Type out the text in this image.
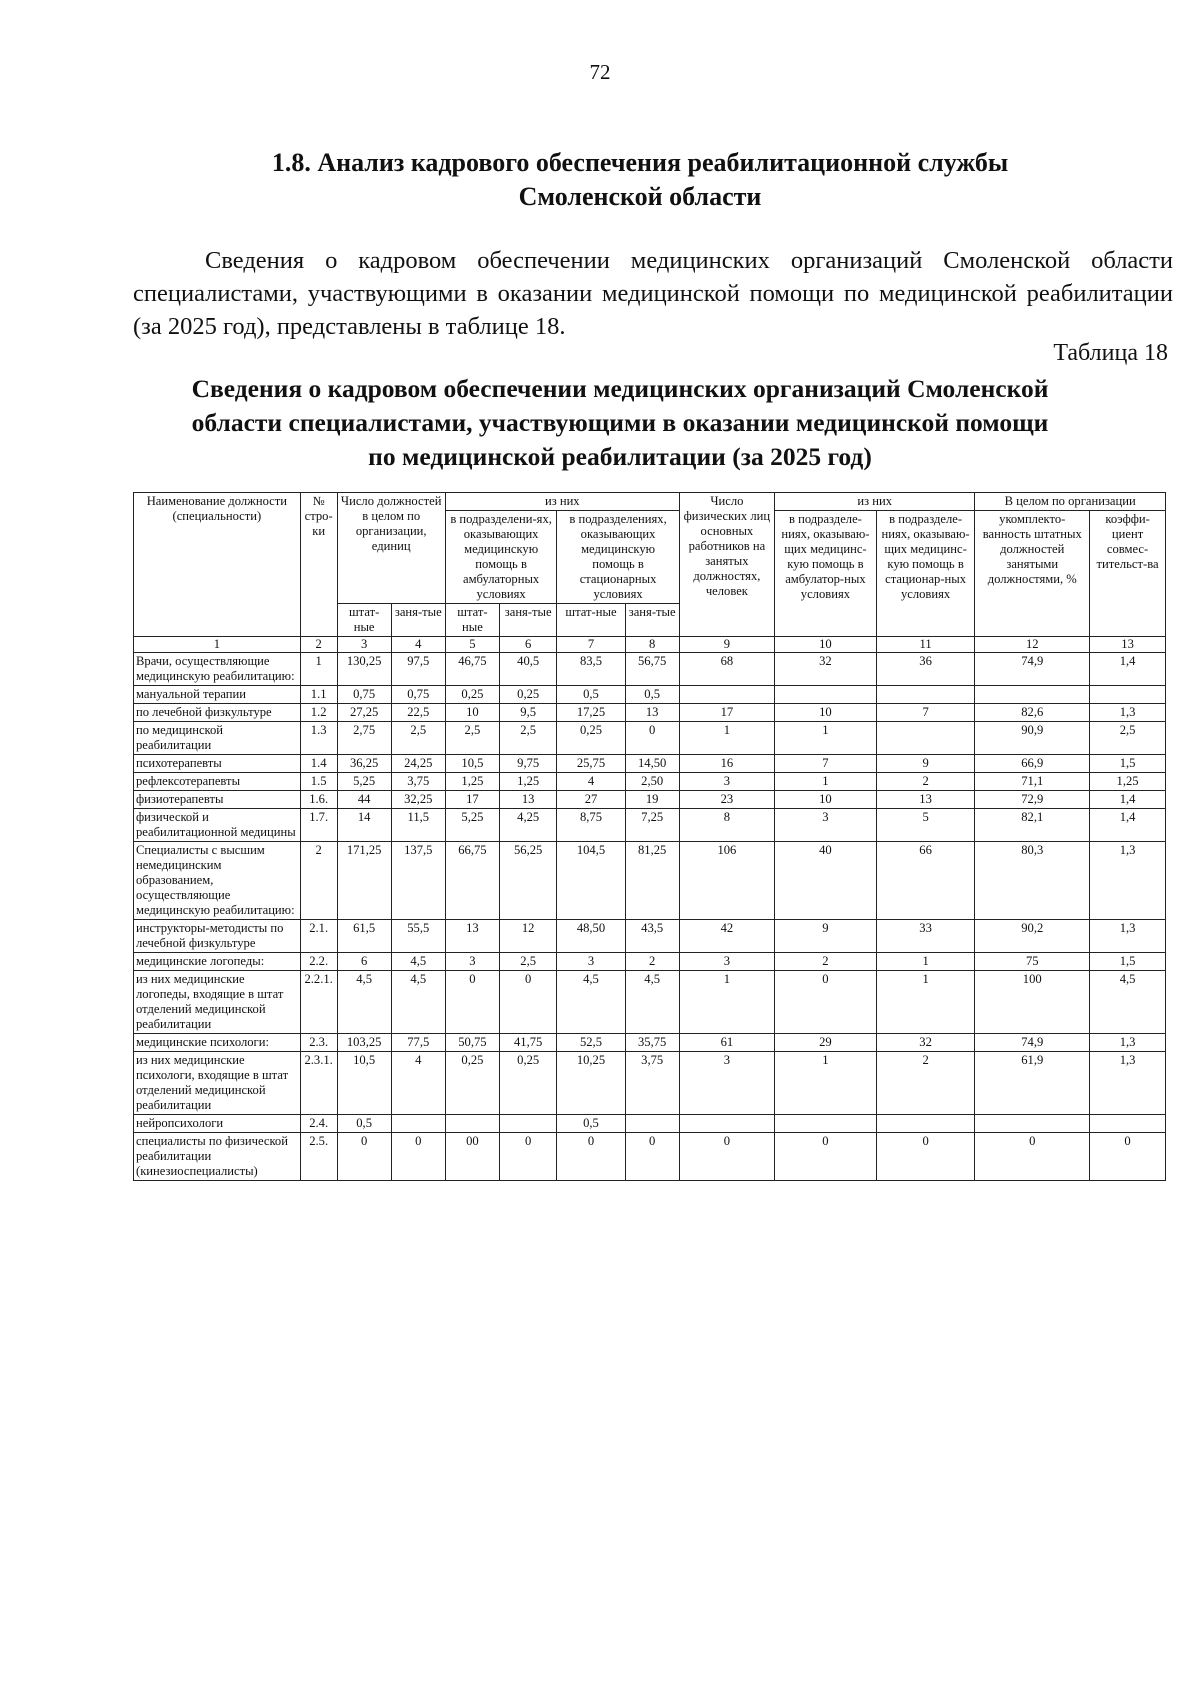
72
1.8. Анализ кадрового обеспечения реабилитационной службы Смоленской области

Сведения о кадровом обеспечении медицинских организаций Смоленской области специалистами, участвующими в оказании медицинской помощи по медицинской реабилитации (за 2025 год), представлены в таблице 18.

Таблица 18
Сведения о кадровом обеспечении медицинских организаций Смоленской области специалистами, участвующими в оказании медицинской помощи по медицинской реабилитации (за 2025 год)
Наименование должности (специальности)	№ стро-ки	Число должностей в целом по организации, единиц		из них				Число физических лиц основных работников на занятых должностях, человек	из них		В целом по организации	
				в подразделени-ях, оказывающих медицинскую помощь в амбулаторных условиях		в подразделениях, оказывающих медицинскую помощь в стационарных условиях			в подразделе-ниях, оказываю-щих медицинс-кую помощь в амбулатор-ных условиях	в подразделе-ниях, оказываю-щих медицинс-кую помощь в стационар-ных условиях	укомплекто-ванность штатных должностей занятыми должностями, %	коэффи-циент совмес-тительст-ва
		штат-ные	заня-тые	штат-ные	заня-тые	штат-ные	заня-тые					
1	2	3	4	5	6	7	8	9	10	11	12	13
Врачи, осуществляющие медицинскую реабилитацию:	1	130,25	97,5	46,75	40,5	83,5	56,75	68	32	36	74,9	1,4
мануальной терапии	1.1	0,75	0,75	0,25	0,25	0,5	0,5					
по лечебной физкультуре	1.2	27,25	22,5	10	9,5	17,25	13	17	10	7	82,6	1,3
по медицинской реабилитации	1.3	2,75	2,5	2,5	2,5	0,25	0	1	1		90,9	2,5
психотерапевты	1.4	36,25	24,25	10,5	9,75	25,75	14,50	16	7	9	66,9	1,5
рефлексотерапевты	1.5	5,25	3,75	1,25	1,25	4	2,50	3	1	2	71,1	1,25
физиотерапевты	1.6.	44	32,25	17	13	27	19	23	10	13	72,9	1,4
физической и реабилитационной медицины	1.7.	14	11,5	5,25	4,25	8,75	7,25	8	3	5	82,1	1,4
Специалисты с высшим немедицинским образованием, осуществляющие медицинскую реабилитацию:	2	171,25	137,5	66,75	56,25	104,5	81,25	106	40	66	80,3	1,3
инструкторы-методисты по лечебной физкультуре	2.1.	61,5	55,5	13	12	48,50	43,5	42	9	33	90,2	1,3
медицинские логопеды:	2.2.	6	4,5	3	2,5	3	2	3	2	1	75	1,5
из них медицинские логопеды, входящие в штат отделений медицинской реабилитации	2.2.1.	4,5	4,5	0	0	4,5	4,5	1	0	1	100	4,5
медицинские психологи:	2.3.	103,25	77,5	50,75	41,75	52,5	35,75	61	29	32	74,9	1,3
из них медицинские психологи, входящие в штат отделений медицинской реабилитации	2.3.1.	10,5	4	0,25	0,25	10,25	3,75	3	1	2	61,9	1,3
нейропсихологи	2.4.	0,5				0,5						
специалисты по физической реабилитации (кинезиоспециалисты)	2.5.	0	0	00	0	0	0	0	0	0	0	0
